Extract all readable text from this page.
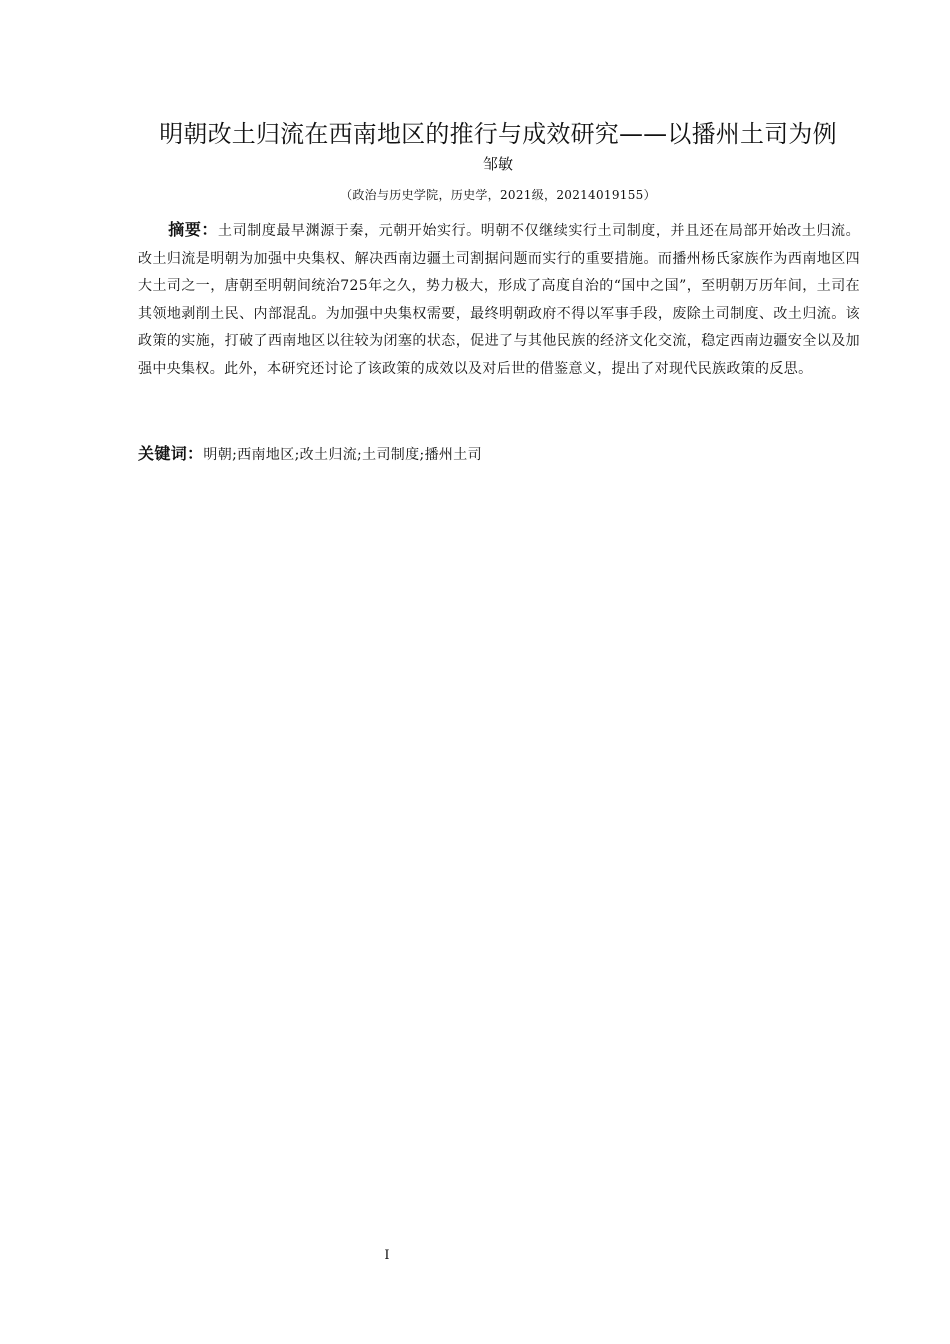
明朝改土归流在西南地区的推行与成效研究——以播州土司为例
邹敏
（政治与历史学院，历史学，2021级，20214019155）

摘要：土司制度最早渊源于秦，元朝开始实行。明朝不仅继续实行土司制度，并且还在局部开始改土归流。改土归流是明朝为加强中央集权、解决西南边疆土司割据问题而实行的重要措施。而播州杨氏家族作为西南地区四大土司之一，唐朝至明朝间统治725年之久，势力极大，形成了高度自治的“国中之国”，至明朝万历年间，土司在其领地剥削土民、内部混乱。为加强中央集权需要，最终明朝政府不得以军事手段，废除土司制度、改土归流。该政策的实施，打破了西南地区以往较为闭塞的状态，促进了与其他民族的经济文化交流，稳定西南边疆安全以及加强中央集权。此外，本研究还讨论了该政策的成效以及对后世的借鉴意义，提出了对现代民族政策的反思。

关键词：明朝;西南地区;改土归流;土司制度;播州土司

I
